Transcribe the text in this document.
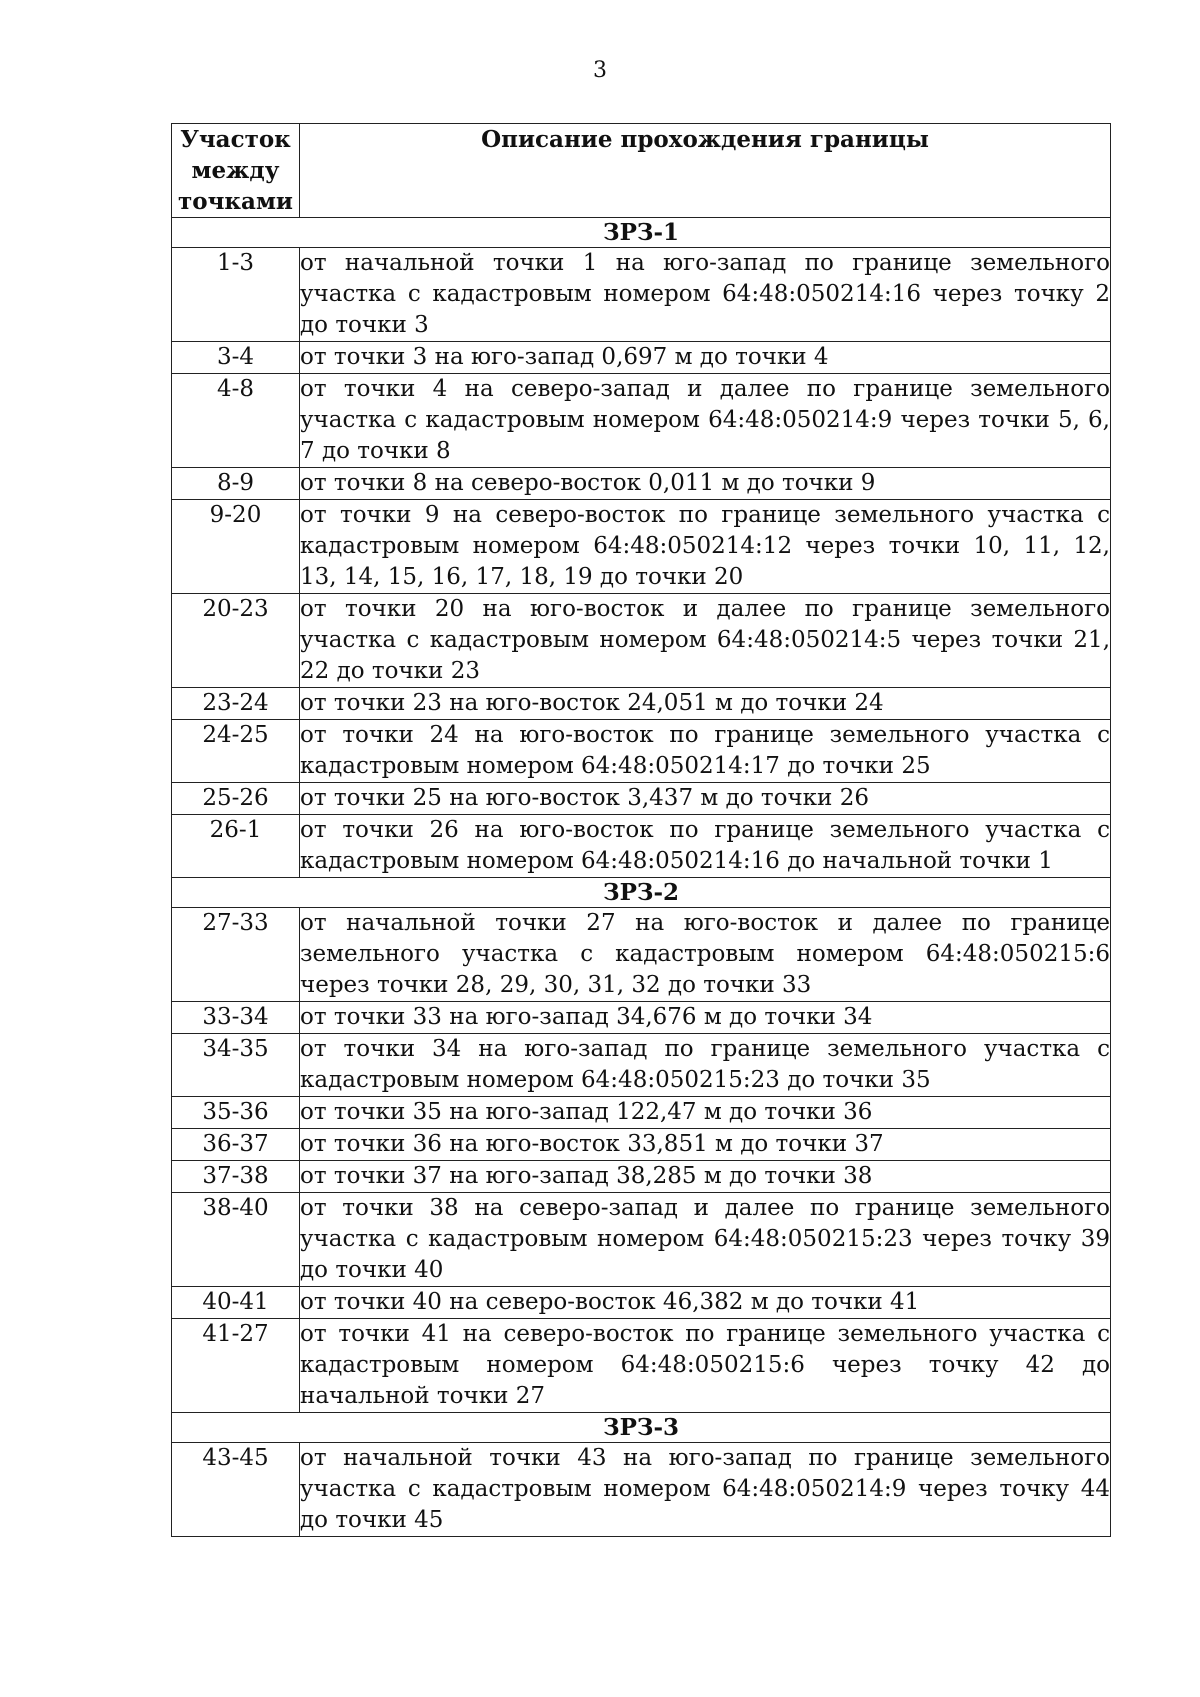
3
Участок между точками	Описание прохождения границы
ЗРЗ-1	
1-3	от начальной точки 1 на юго-запад по границе земельного участка с кадастровым номером 64:48:050214:16 через точку 2 до точки 3
3-4	от точки 3 на юго-запад 0,697 м до точки 4
4-8	от точки 4 на северо-запад и далее по границе земельного участка с кадастровым номером 64:48:050214:9 через точки 5, 6, 7 до точки 8
8-9	от точки 8 на северо-восток 0,011 м до точки 9
9-20	от точки 9 на северо-восток по границе земельного участка с кадастровым номером 64:48:050214:12 через точки 10, 11, 12, 13, 14, 15, 16, 17, 18, 19 до точки 20
20-23	от точки 20 на юго-восток и далее по границе земельного участка с кадастровым номером 64:48:050214:5 через точки 21, 22 до точки 23
23-24	от точки 23 на юго-восток 24,051 м до точки 24
24-25	от точки 24 на юго-восток по границе земельного участка с кадастровым номером 64:48:050214:17 до точки 25
25-26	от точки 25 на юго-восток 3,437 м до точки 26
26-1	от точки 26 на юго-восток по границе земельного участка с кадастровым номером 64:48:050214:16 до начальной точки 1
ЗРЗ-2	
27-33	от начальной точки 27 на юго-восток и далее по границе земельного участка с кадастровым номером 64:48:050215:6 через точки 28, 29, 30, 31, 32 до точки 33
33-34	от точки 33 на юго-запад 34,676 м до точки 34
34-35	от точки 34 на юго-запад по границе земельного участка с кадастровым номером 64:48:050215:23 до точки 35
35-36	от точки 35 на юго-запад 122,47 м до точки 36
36-37	от точки 36 на юго-восток 33,851 м до точки 37
37-38	от точки 37 на юго-запад 38,285 м до точки 38
38-40	от точки 38 на северо-запад и далее по границе земельного участка с кадастровым номером 64:48:050215:23 через точку 39 до точки 40
40-41	от точки 40 на северо-восток 46,382 м до точки 41
41-27	от точки 41 на северо-восток по границе земельного участка с кадастровым номером 64:48:050215:6 через точку 42 до начальной точки 27
ЗРЗ-3	
43-45	от начальной точки 43 на юго-запад по границе земельного участка с кадастровым номером 64:48:050214:9 через точку 44 до точки 45
